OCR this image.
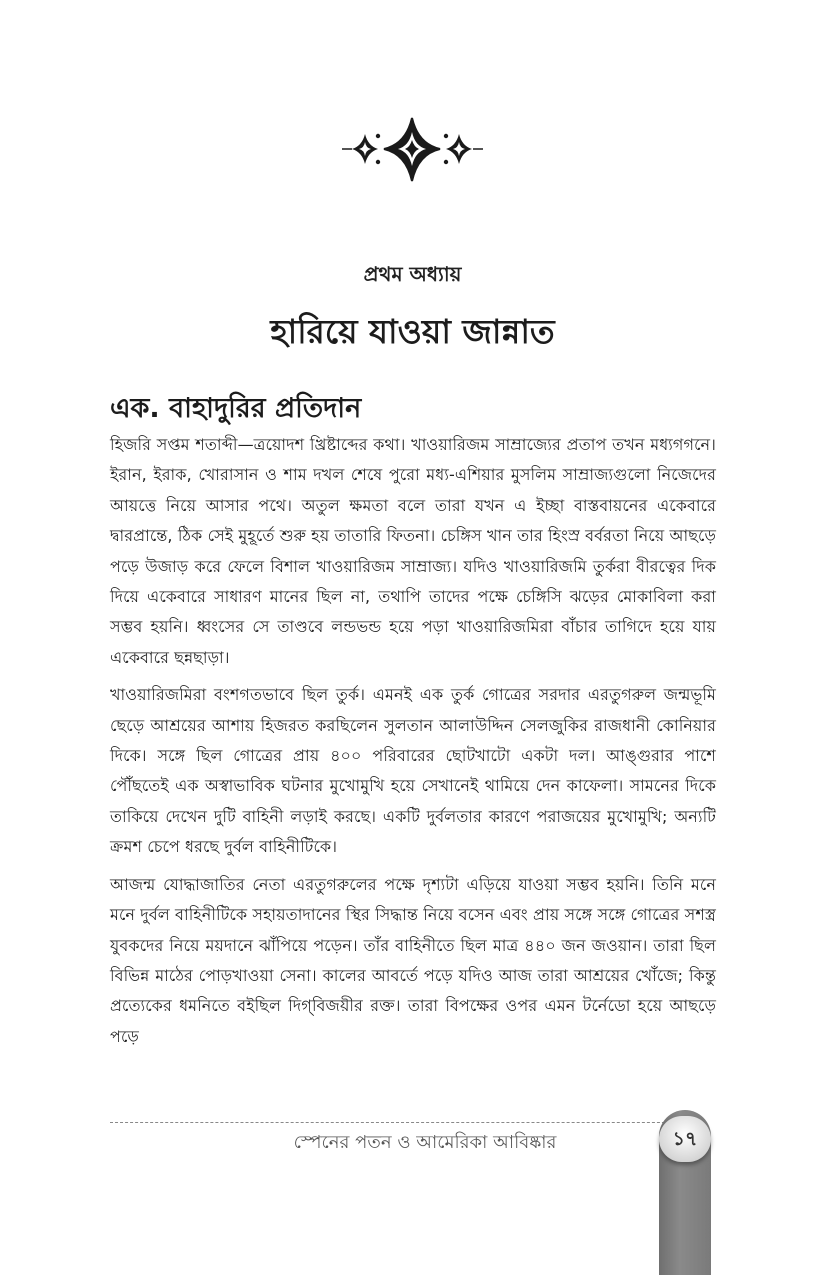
প্রথম অধ্যায়
হারিয়ে যাওয়া জান্নাত
এক. বাহাদুরির প্রতিদান

হিজরি সপ্তম শতাব্দী—ত্রয়োদশ খ্রিষ্টাব্দের কথা। খাওয়ারিজম সাম্রাজ্যের প্রতাপ তখন মধ্যগগনে। ইরান, ইরাক, খোরাসান ও শাম দখল শেষে পুরো মধ্য-এশিয়ার মুসলিম সাম্রাজ্যগুলো নিজেদের আয়ত্তে নিয়ে আসার পথে। অতুল ক্ষমতা বলে তারা যখন এ ইচ্ছা বাস্তবায়নের একেবারে দ্বারপ্রান্তে, ঠিক সেই মুহূর্তে শুরু হয় তাতারি ফিতনা। চেঙ্গিস খান তার হিংস্র বর্বরতা নিয়ে আছড়ে পড়ে উজাড় করে ফেলে বিশাল খাওয়ারিজম সাম্রাজ্য। যদিও খাওয়ারিজমি তুর্করা বীরত্বের দিক দিয়ে একেবারে সাধারণ মানের ছিল না, তথাপি তাদের পক্ষে চেঙ্গিসি ঝড়ের মোকাবিলা করা সম্ভব হয়নি। ধ্বংসের সে তাণ্ডবে লন্ডভন্ড হয়ে পড়া খাওয়ারিজমিরা বাঁচার তাগিদে হয়ে যায় একেবারে ছন্নছাড়া।

খাওয়ারিজমিরা বংশগতভাবে ছিল তুর্ক। এমনই এক তুর্ক গোত্রের সরদার এরতুগরুল জন্মভূমি ছেড়ে আশ্রয়ের আশায় হিজরত করছিলেন সুলতান আলাউদ্দিন সেলজুকির রাজধানী কোনিয়ার দিকে। সঙ্গে ছিল গোত্রের প্রায় ৪০০ পরিবারের ছোটখাটো একটা দল। আঙ্গুরার পাশে পৌঁছতেই এক অস্বাভাবিক ঘটনার মুখোমুখি হয়ে সেখানেই থামিয়ে দেন কাফেলা। সামনের দিকে তাকিয়ে দেখেন দুটি বাহিনী লড়াই করছে। একটি দুর্বলতার কারণে পরাজয়ের মুখোমুখি; অন্যটি ক্রমশ চেপে ধরছে দুর্বল বাহিনীটিকে।

আজন্ম যোদ্ধাজাতির নেতা এরতুগরুলের পক্ষে দৃশ্যটা এড়িয়ে যাওয়া সম্ভব হয়নি। তিনি মনে মনে দুর্বল বাহিনীটিকে সহায়তাদানের স্থির সিদ্ধান্ত নিয়ে বসেন এবং প্রায় সঙ্গে সঙ্গে গোত্রের সশস্ত্র যুবকদের নিয়ে ময়দানে ঝাঁপিয়ে পড়েন। তাঁর বাহিনীতে ছিল মাত্র ৪৪০ জন জওয়ান। তারা ছিল বিভিন্ন মাঠের পোড়খাওয়া সেনা। কালের আবর্তে পড়ে যদিও আজ তারা আশ্রয়ের খোঁজে; কিন্তু প্রত্যেকের ধমনিতে বইছিল দিগ্‌বিজয়ীর রক্ত। তারা বিপক্ষের ওপর এমন টর্নেডো হয়ে আছড়ে পড়ে

স্পেনের পতন ও আমেরিকা আবিষ্কার	১৭
